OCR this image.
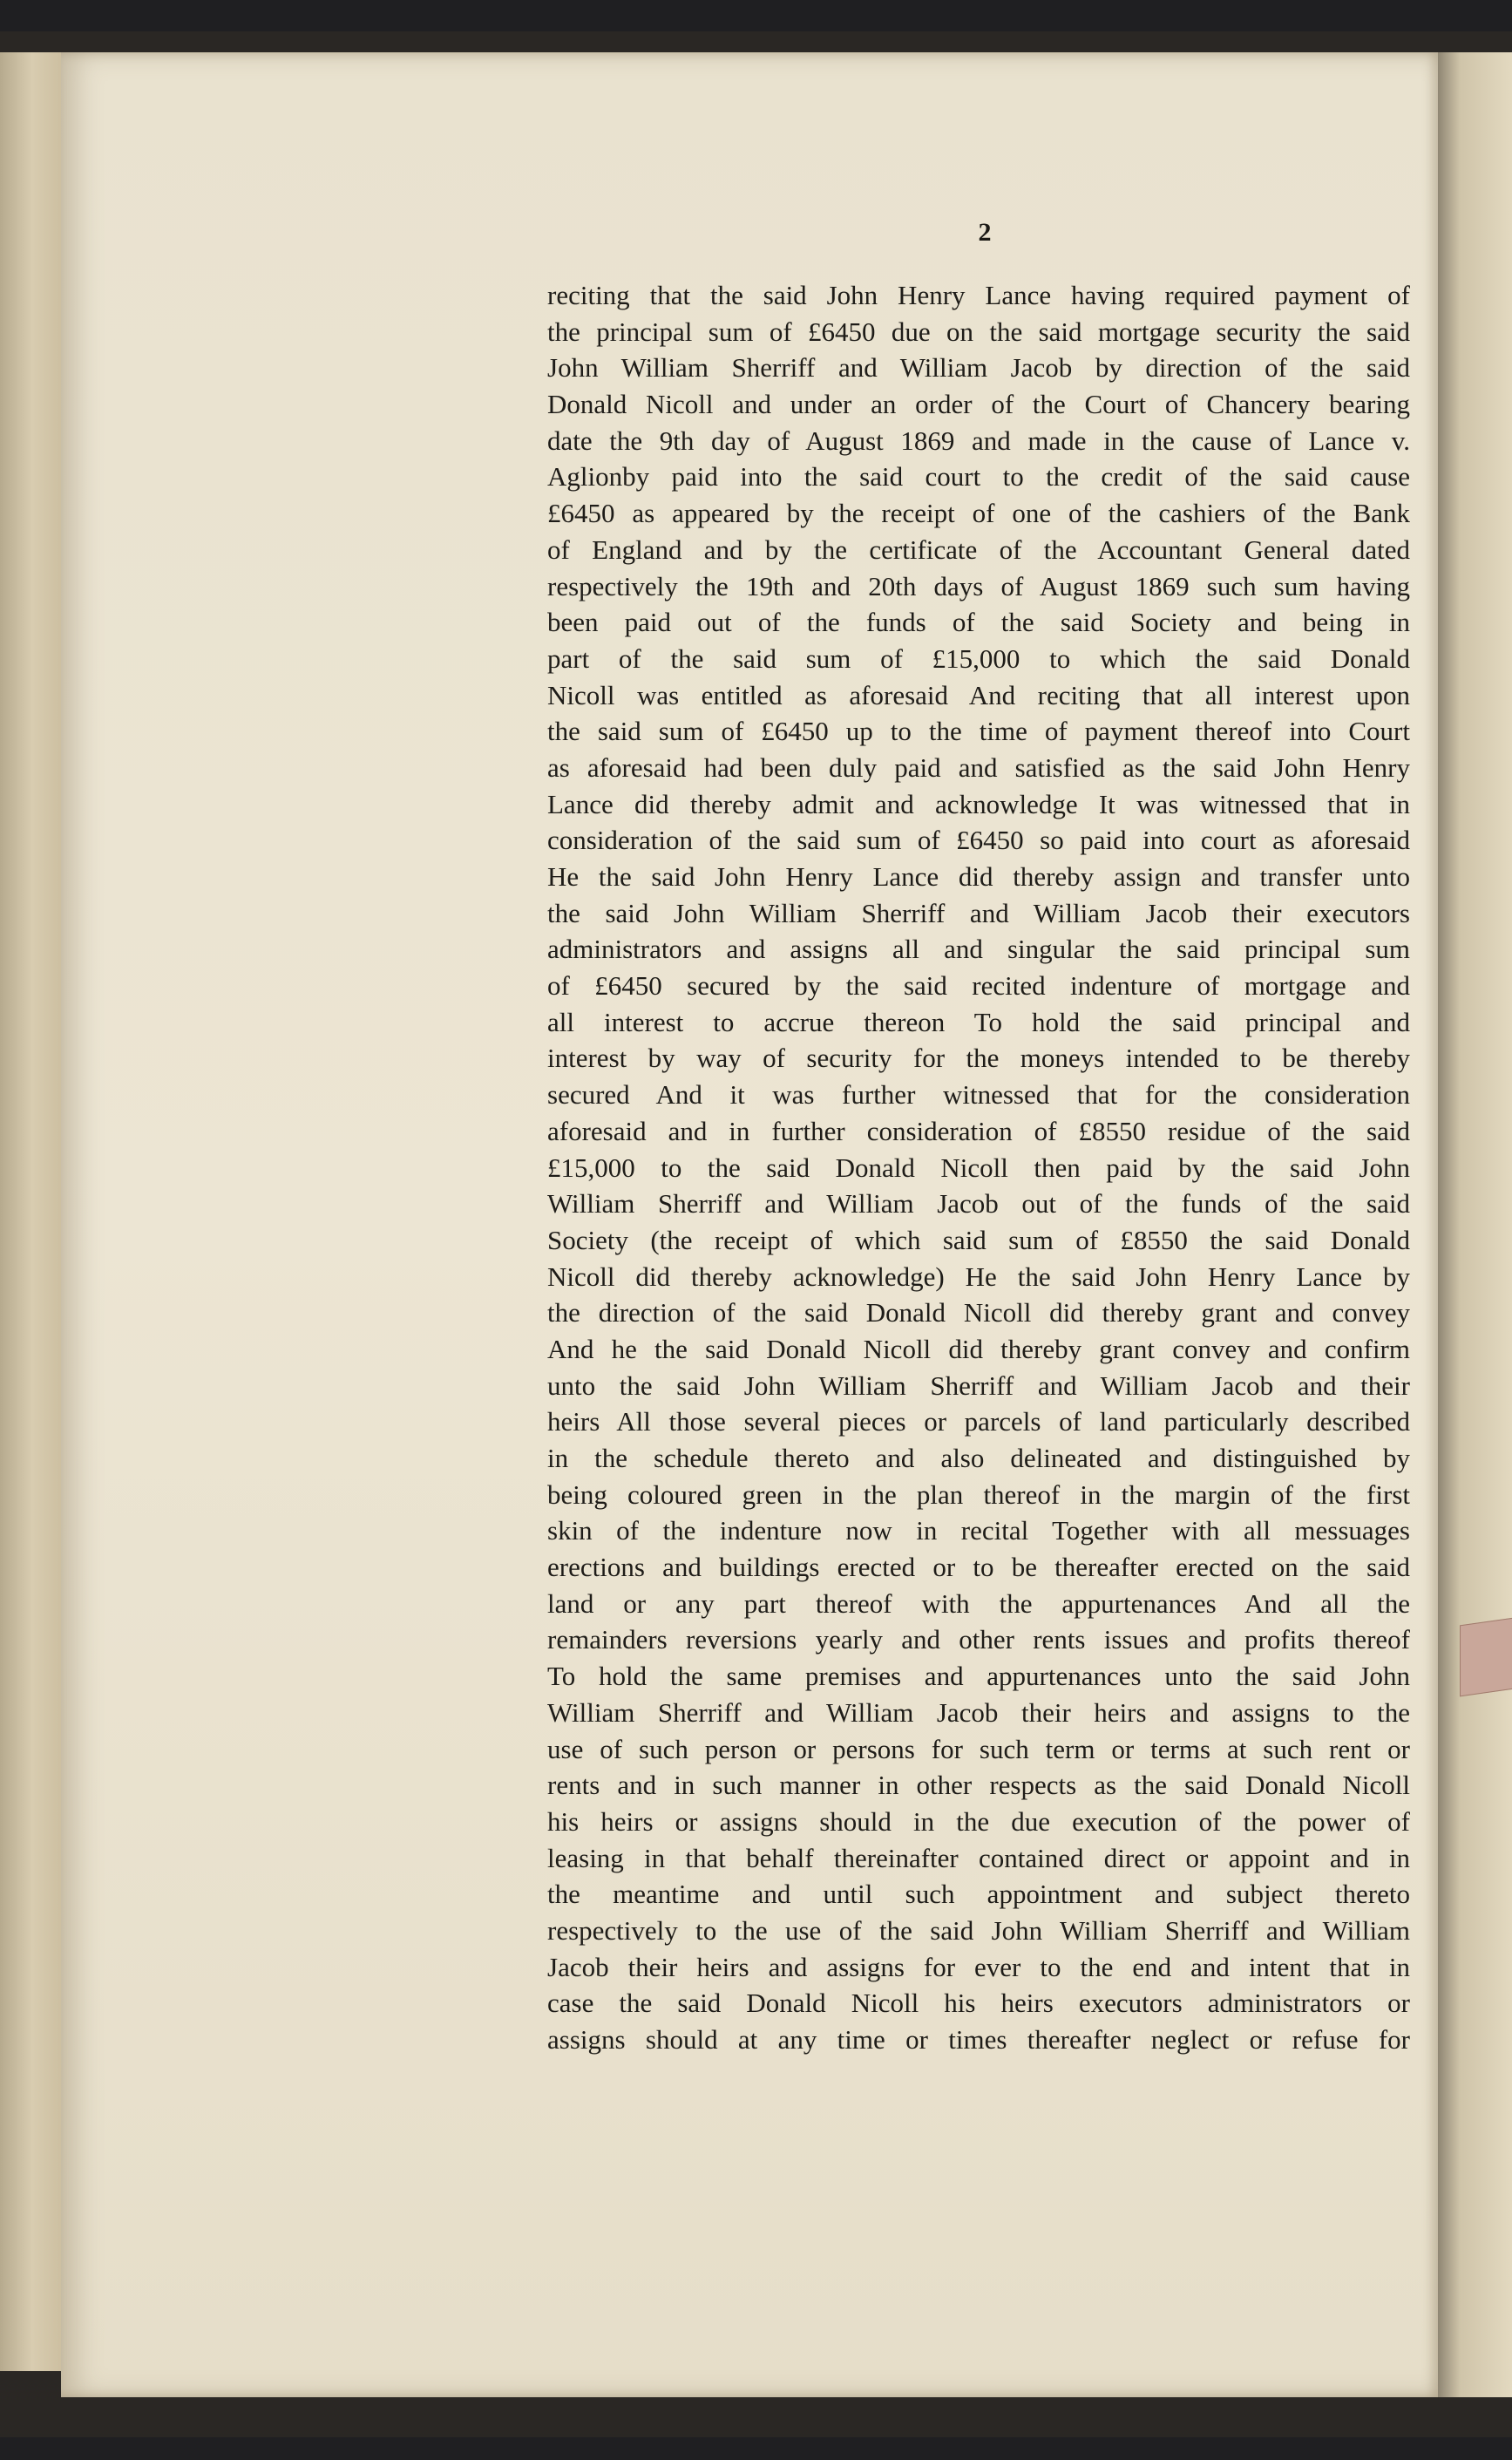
2
reciting that the said John Henry Lance having required payment of
the principal sum of £6450 due on the said mortgage security the said
John William Sherriff and William Jacob by direction of the said
Donald Nicoll and under an order of the Court of Chancery bearing
date the 9th day of August 1869 and made in the cause of Lance v.
Aglionby paid into the said court to the credit of the said cause
£6450 as appeared by the receipt of one of the cashiers of the Bank
of England and by the certificate of the Accountant General dated
respectively the 19th and 20th days of August 1869 such sum having
been paid out of the funds of the said Society and being in
part of the said sum of £15,000 to which the said Donald
Nicoll was entitled as aforesaid And reciting that all interest upon
the said sum of £6450 up to the time of payment thereof into Court
as aforesaid had been duly paid and satisfied as the said John Henry
Lance did thereby admit and acknowledge It was witnessed that in
consideration of the said sum of £6450 so paid into court as aforesaid
He the said John Henry Lance did thereby assign and transfer unto
the said John William Sherriff and William Jacob their executors
administrators and assigns all and singular the said principal sum
of £6450 secured by the said recited indenture of mortgage and
all interest to accrue thereon To hold the said principal and
interest by way of security for the moneys intended to be thereby
secured And it was further witnessed that for the consideration
aforesaid and in further consideration of £8550 residue of the said
£15,000 to the said Donald Nicoll then paid by the said John
William Sherriff and William Jacob out of the funds of the said
Society (the receipt of which said sum of £8550 the said Donald
Nicoll did thereby acknowledge) He the said John Henry Lance by
the direction of the said Donald Nicoll did thereby grant and convey
And he the said Donald Nicoll did thereby grant convey and confirm
unto the said John William Sherriff and William Jacob and their
heirs All those several pieces or parcels of land particularly described
in the schedule thereto and also delineated and distinguished by
being coloured green in the plan thereof in the margin of the first
skin of the indenture now in recital Together with all messuages
erections and buildings erected or to be thereafter erected on the said
land or any part thereof with the appurtenances And all the
remainders reversions yearly and other rents issues and profits thereof
To hold the same premises and appurtenances unto the said John
William Sherriff and William Jacob their heirs and assigns to the
use of such person or persons for such term or terms at such rent or
rents and in such manner in other respects as the said Donald Nicoll
his heirs or assigns should in the due execution of the power of
leasing in that behalf thereinafter contained direct or appoint and in
the meantime and until such appointment and subject thereto
respectively to the use of the said John William Sherriff and William
Jacob their heirs and assigns for ever to the end and intent that in
case the said Donald Nicoll his heirs executors administrators or
assigns should at any time or times thereafter neglect or refuse for
